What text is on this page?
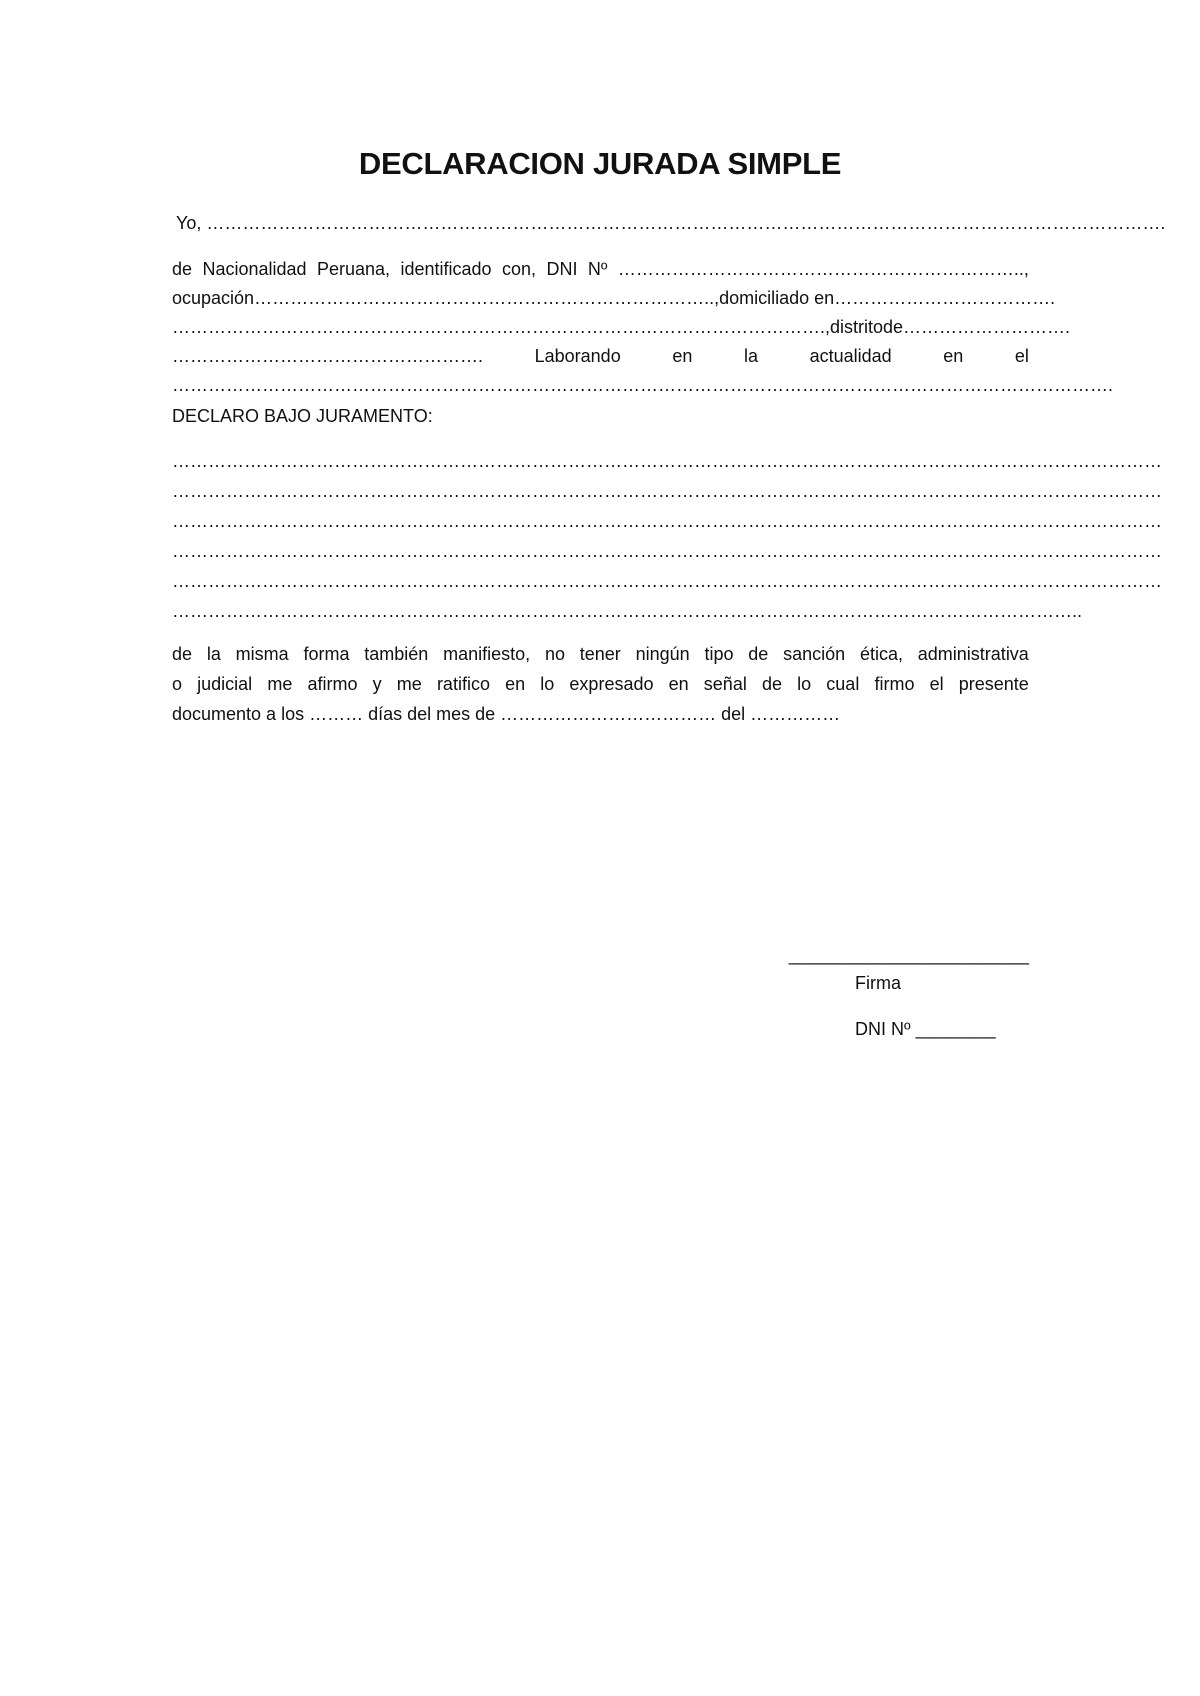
DECLARACION JURADA SIMPLE
Yo, …………………………………………………………………………………………………………………………………………….
de Nacionalidad Peruana, identificado con, DNI Nº …………………………………………………………..,
ocupación………………………………………………………………….., domiciliado en……………………………….
………………………………………………………………………………………………., distrito de……………………….
…………………………………………….	Laborando	en	la	actualidad	en	el
………………………………………………………………………………………………………………………………………….
DECLARO BAJO JURAMENTO:
…………………………………………………………………………………………………………………………………………………
…………………………………………………………………………………………………………………………………………………
…………………………………………………………………………………………………………………………………………………
…………………………………………………………………………………………………………………………………………………
…………………………………………………………………………………………………………………………………………………
……………………………………………………………………………………………………………………………………..
de la misma forma también manifiesto, no tener ningún tipo de sanción ética, administrativa
o judicial me afirmo y me ratifico en lo expresado en señal de lo cual firmo el presente
documento a los ……… días del mes de ……………………………… del ……………
________________________
Firma
DNI Nº ________
